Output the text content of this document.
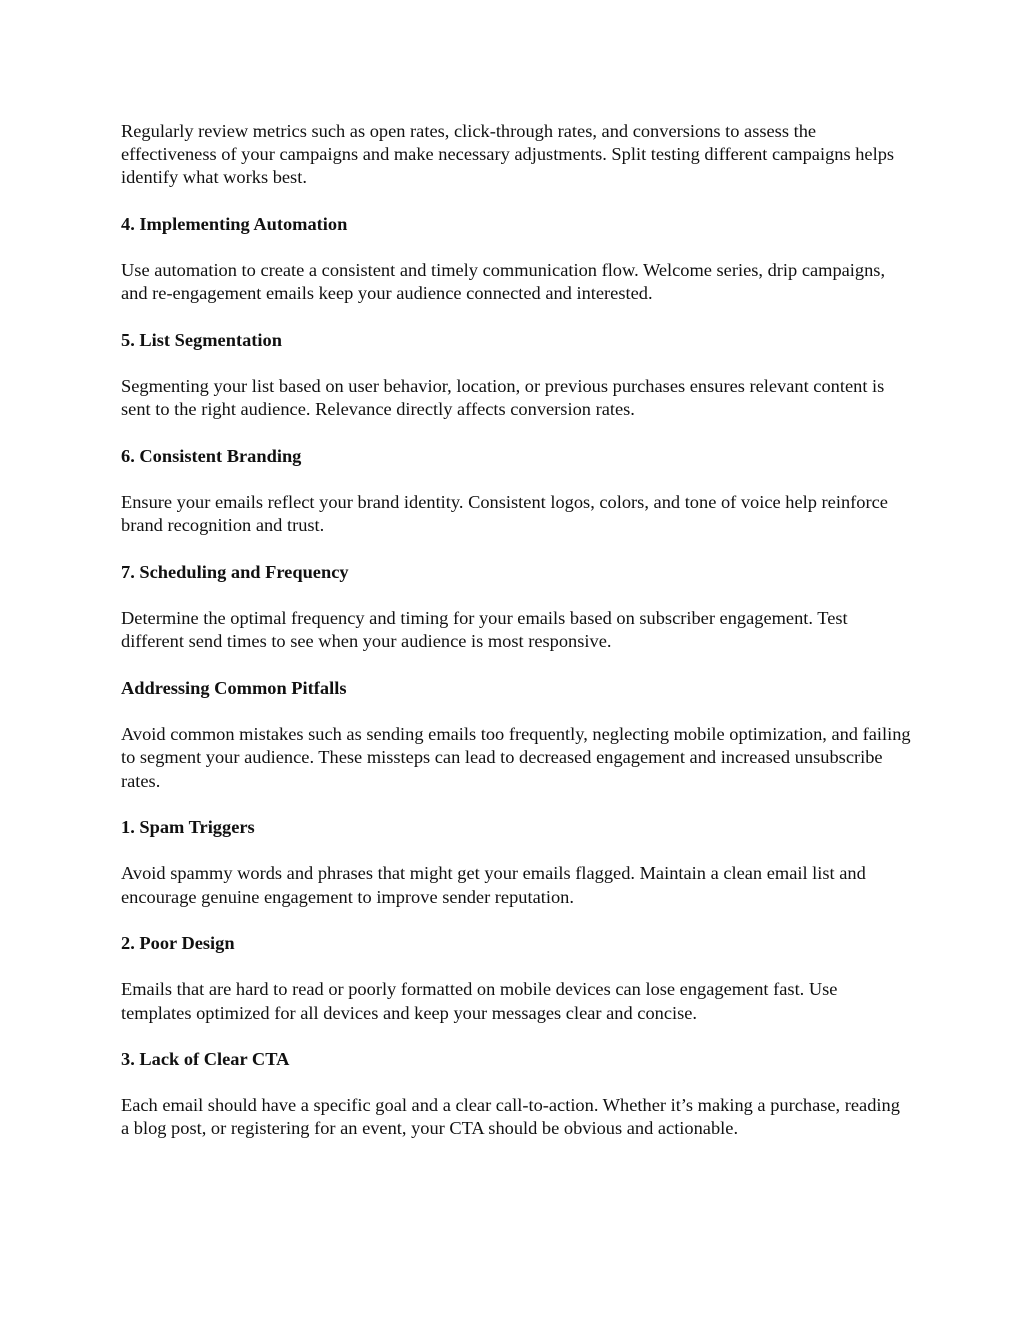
Regularly review metrics such as open rates, click-through rates, and conversions to assess the effectiveness of your campaigns and make necessary adjustments. Split testing different campaigns helps identify what works best.

4. Implementing Automation

Use automation to create a consistent and timely communication flow. Welcome series, drip campaigns, and re-engagement emails keep your audience connected and interested.

5. List Segmentation

Segmenting your list based on user behavior, location, or previous purchases ensures relevant content is sent to the right audience. Relevance directly affects conversion rates.

6. Consistent Branding

Ensure your emails reflect your brand identity. Consistent logos, colors, and tone of voice help reinforce brand recognition and trust.

7. Scheduling and Frequency

Determine the optimal frequency and timing for your emails based on subscriber engagement. Test different send times to see when your audience is most responsive.

Addressing Common Pitfalls

Avoid common mistakes such as sending emails too frequently, neglecting mobile optimization, and failing to segment your audience. These missteps can lead to decreased engagement and increased unsubscribe rates.

1. Spam Triggers

Avoid spammy words and phrases that might get your emails flagged. Maintain a clean email list and encourage genuine engagement to improve sender reputation.

2. Poor Design

Emails that are hard to read or poorly formatted on mobile devices can lose engagement fast. Use templates optimized for all devices and keep your messages clear and concise.

3. Lack of Clear CTA

Each email should have a specific goal and a clear call-to-action. Whether it’s making a purchase, reading a blog post, or registering for an event, your CTA should be obvious and actionable.
